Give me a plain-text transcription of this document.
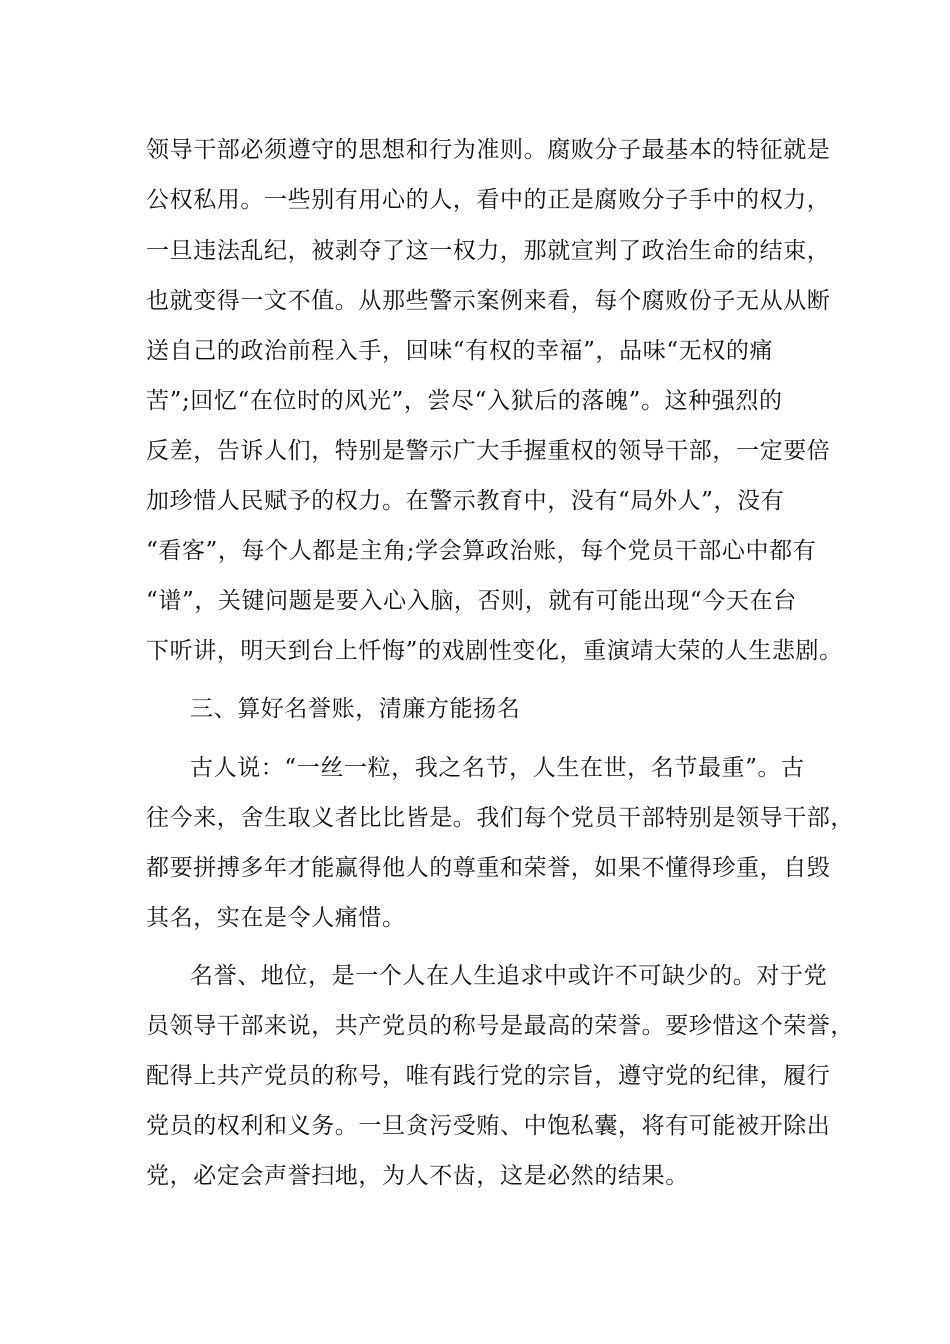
领导干部必须遵守的思想和行为准则。腐败分子最基本的特征就是
公权私用。一些别有用心的人，看中的正是腐败分子手中的权力，
一旦违法乱纪，被剥夺了这一权力，那就宣判了政治生命的结束，
也就变得一文不值。从那些警示案例来看，每个腐败份子无从从断
送自己的政治前程入手，回味“有权的幸福”，品味“无权的痛
苦”;回忆“在位时的风光”，尝尽“入狱后的落魄”。这种强烈的
反差，告诉人们，特别是警示广大手握重权的领导干部，一定要倍
加珍惜人民赋予的权力。在警示教育中，没有“局外人”，没有
“看客”，每个人都是主角;学会算政治账，每个党员干部心中都有
“谱”，关键问题是要入心入脑，否则，就有可能出现“今天在台
下听讲，明天到台上忏悔”的戏剧性变化，重演靖大荣的人生悲剧。
三、算好名誉账，清廉方能扬名
古人说：“一丝一粒，我之名节，人生在世，名节最重”。古
往今来，舍生取义者比比皆是。我们每个党员干部特别是领导干部，
都要拼搏多年才能赢得他人的尊重和荣誉，如果不懂得珍重，自毁
其名，实在是令人痛惜。
名誉、地位，是一个人在人生追求中或许不可缺少的。对于党
员领导干部来说，共产党员的称号是最高的荣誉。要珍惜这个荣誉，
配得上共产党员的称号，唯有践行党的宗旨，遵守党的纪律，履行
党员的权利和义务。一旦贪污受贿、中饱私囊，将有可能被开除出
党，必定会声誉扫地，为人不齿，这是必然的结果。
